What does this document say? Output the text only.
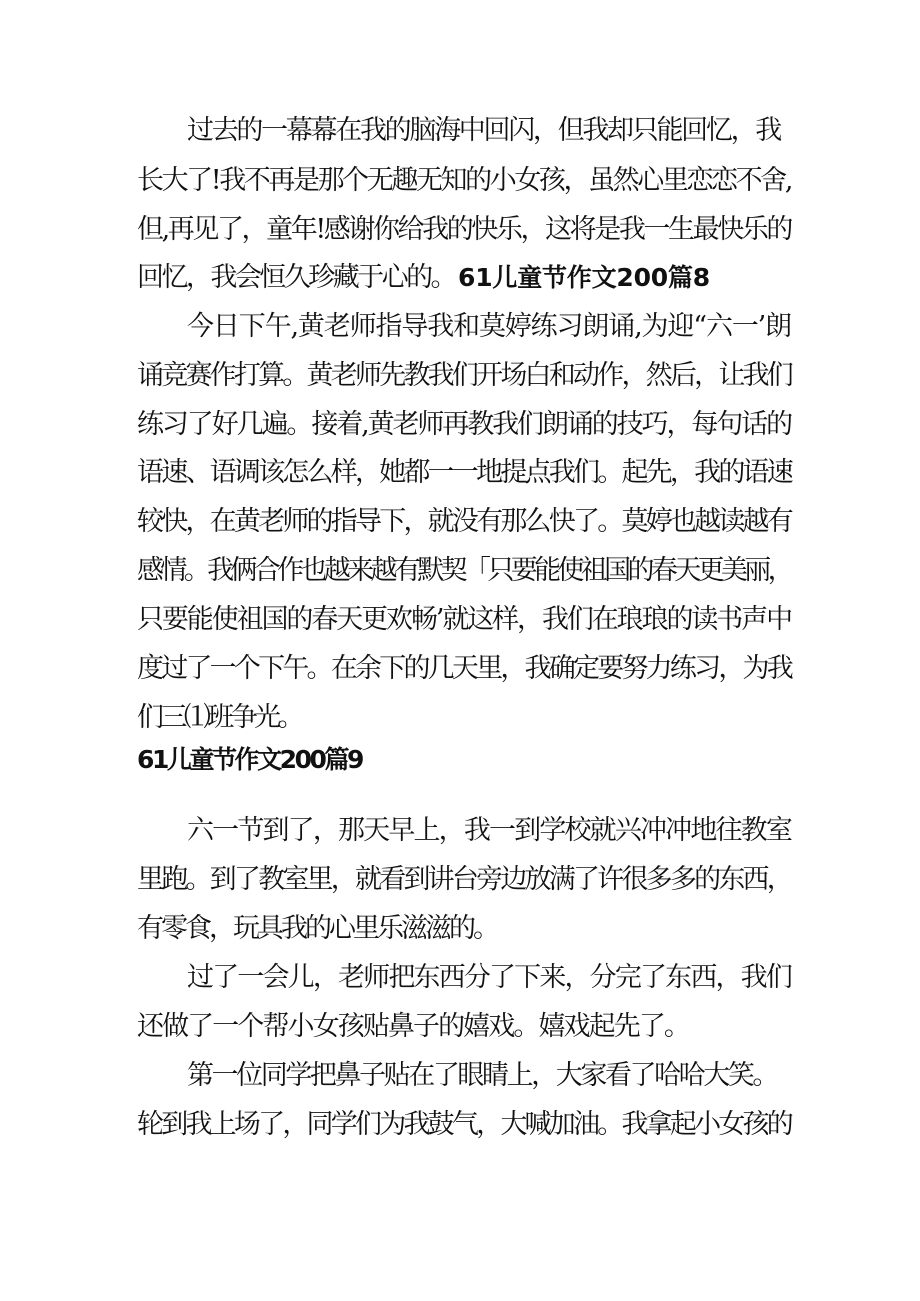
过去的一幕幕在我的脑海中回闪，但我却只能回忆，我
长大了!我不再是那个无趣无知的小女孩，虽然心里恋恋不舍,
但,再见了，童年!感谢你给我的快乐，这将是我一生最快乐的
回忆，我会恒久珍藏于心的。 61儿童节作文200篇8
今日下午,黄老师指导我和莫婷练习朗诵,为迎“六一’朗
诵竞赛作打算。黄老师先教我们开场白和动作，然后，让我们
练习了好几遍。接着,黄老师再教我们朗诵的技巧，每句话的
语速、语调该怎么样，她都一一地提点我们。起先，我的语速
较快，在黄老师的指导下，就没有那么快了。莫婷也越读越有
感情。我俩合作也越来越有默契「只要能使祖国的春天更美丽，
只要能使祖国的春天更欢畅’就这样，我们在琅琅的读书声中
度过了一个下午。在余下的几天里，我确定要努力练习，为我
们三⑴班争光。
61儿童节作文200篇9
六一节到了，那天早上，我一到学校就兴冲冲地往教室
里跑。到了教室里，就看到讲台旁边放满了许很多多的东西，
有零食，玩具我的心里乐滋滋的。
过了一会儿，老师把东西分了下来，分完了东西，我们
还做了一个帮小女孩贴鼻子的嬉戏。嬉戏起先了。
第一位同学把鼻子贴在了眼睛上，大家看了哈哈大笑。
轮到我上场了，同学们为我鼓气，大喊加油。我拿起小女孩的
